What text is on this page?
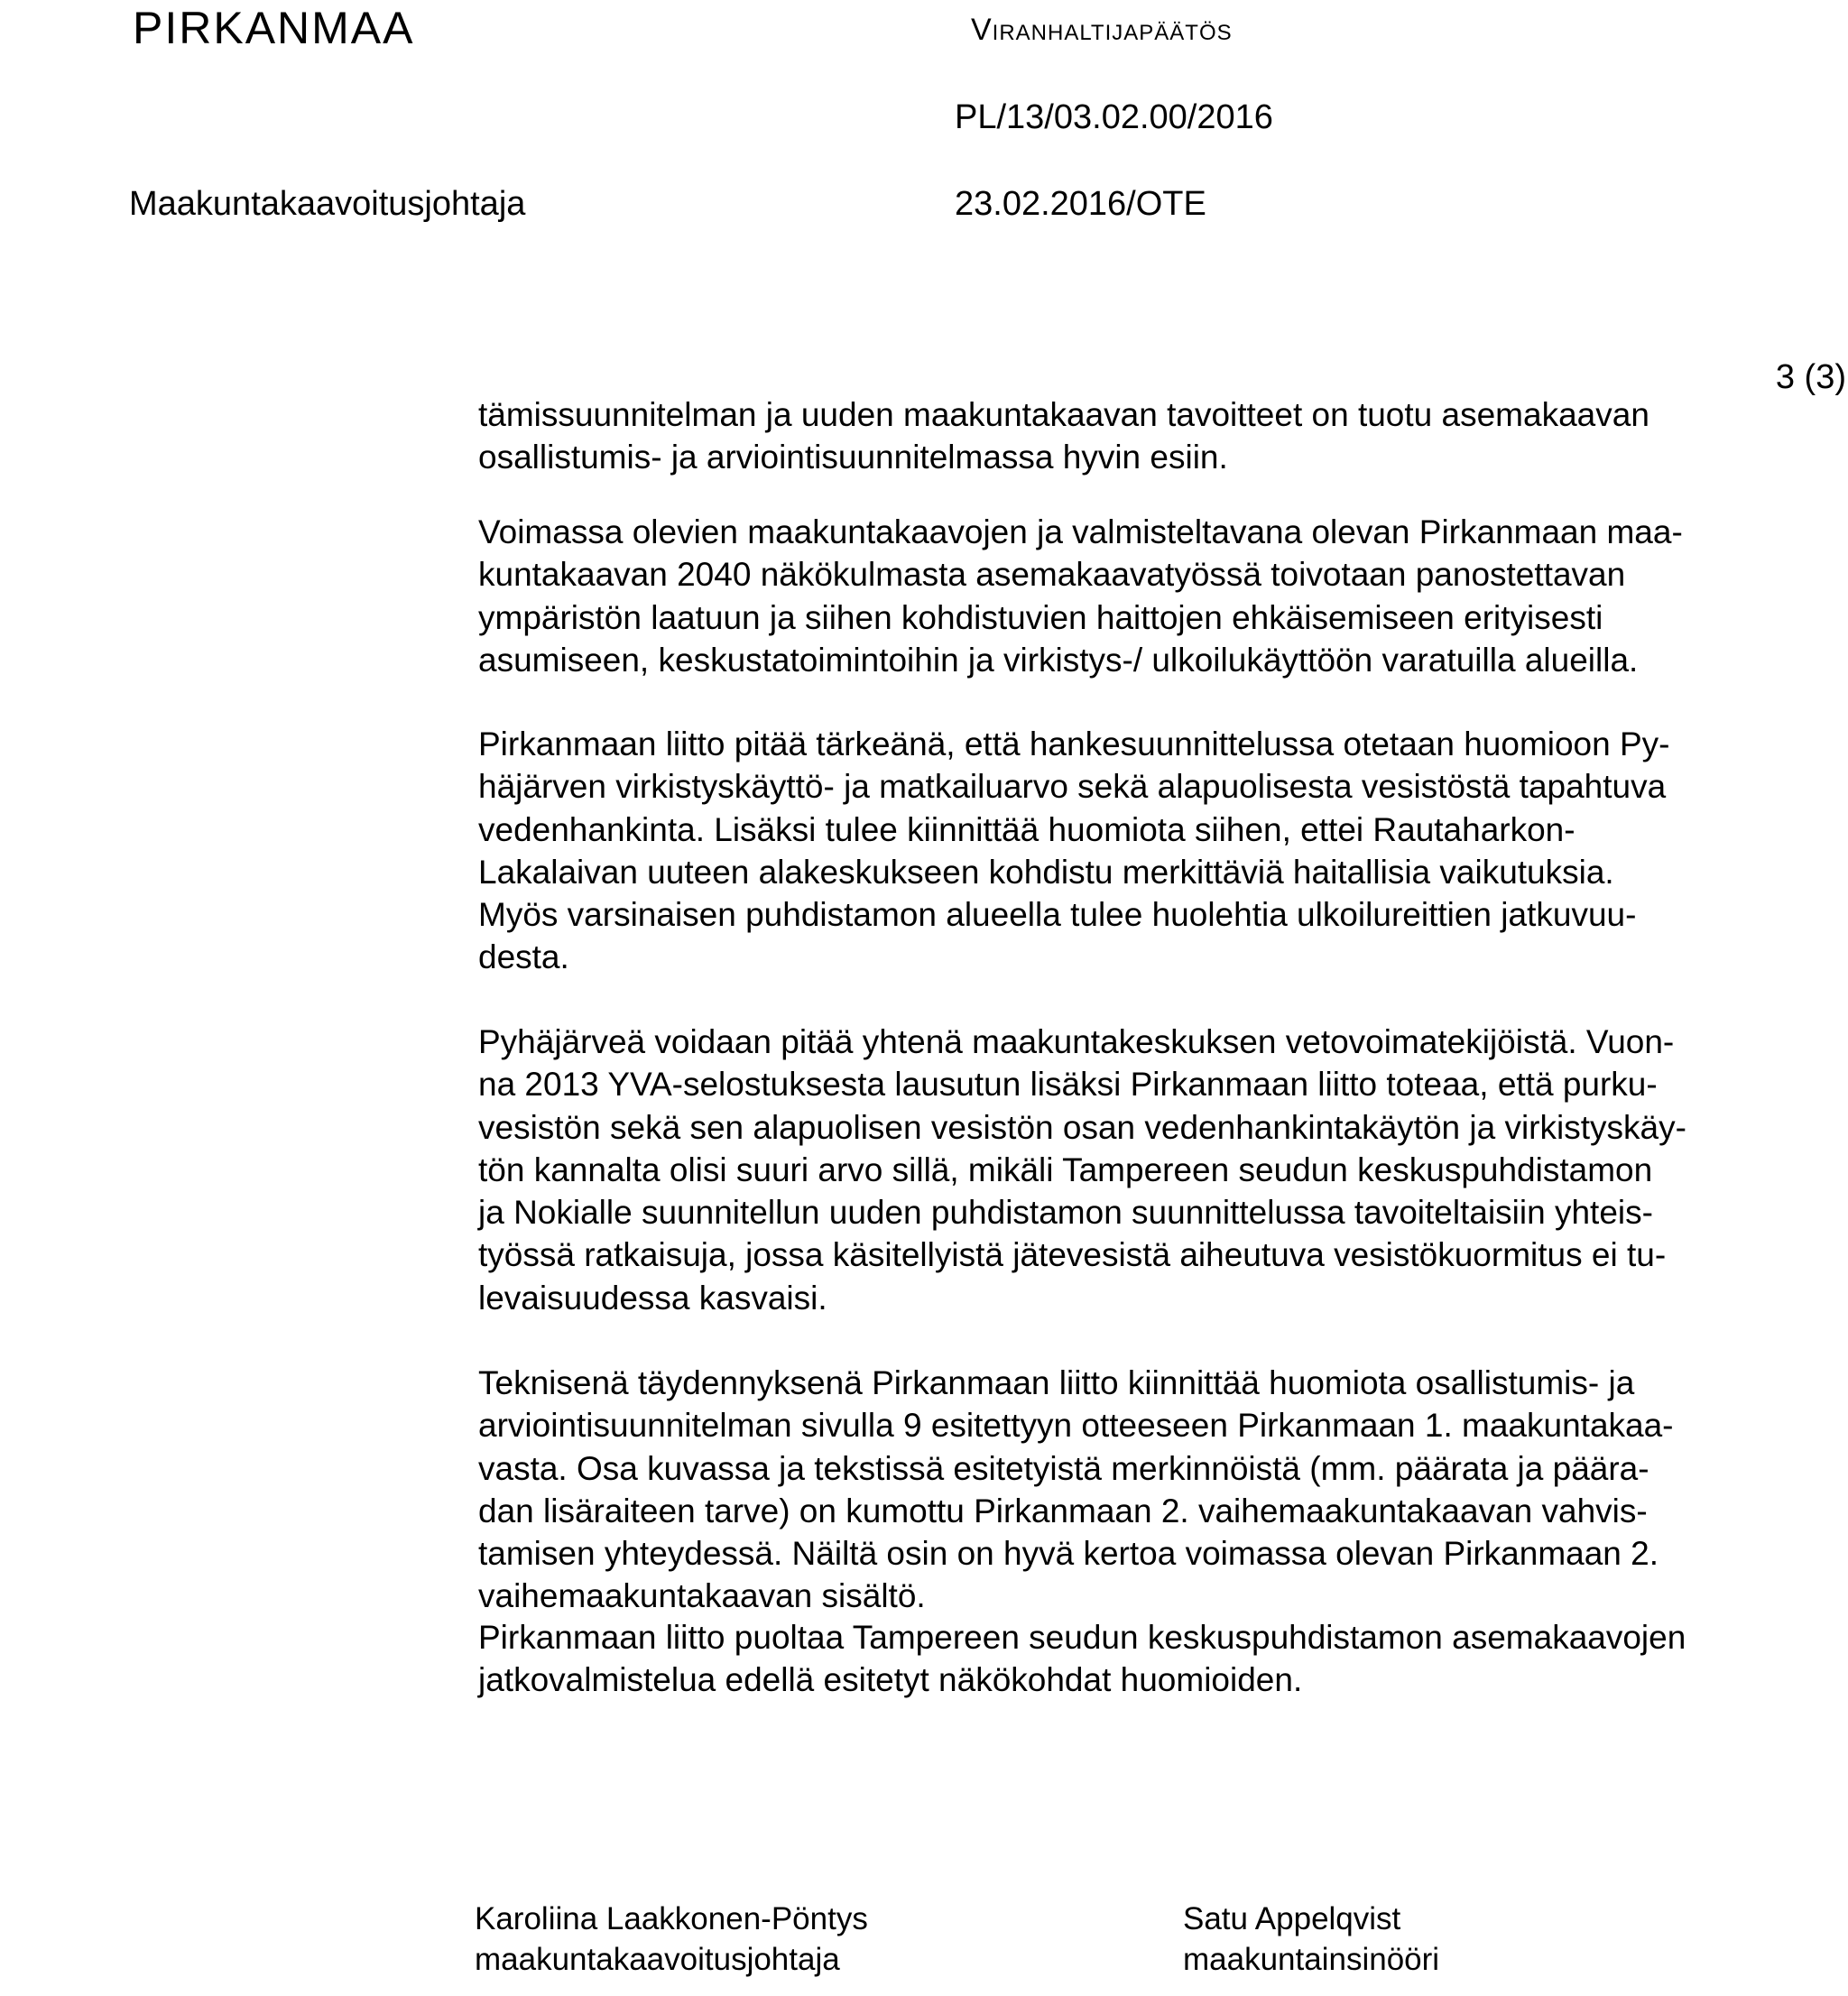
PIRKANMAA	Viranhaltijapäätös
PL/13/03.02.00/2016
Maakuntakaavoitusjohtaja	23.02.2016/OTE
3 (3)
tämissuunnitelman ja uuden maakuntakaavan tavoitteet on tuotu asemakaavan
osallistumis- ja arviointisuunnitelmassa hyvin esiin.
Voimassa olevien maakuntakaavojen ja valmisteltavana olevan Pirkanmaan maa-
kuntakaavan 2040 näkökulmasta asemakaavatyössä toivotaan panostettavan
ympäristön laatuun ja siihen kohdistuvien haittojen ehkäisemiseen erityisesti
asumiseen, keskustatoimintoihin ja virkistys-/ ulkoilukäyttöön varatuilla alueilla.
Pirkanmaan liitto pitää tärkeänä, että hankesuunnittelussa otetaan huomioon Py-
häjärven virkistyskäyttö- ja matkailuarvo sekä alapuolisesta vesistöstä tapahtuva
vedenhankinta. Lisäksi tulee kiinnittää huomiota siihen, ettei Rautaharkon-
Lakalaivan uuteen alakeskukseen kohdistu merkittäviä haitallisia vaikutuksia.
Myös varsinaisen puhdistamon alueella tulee huolehtia ulkoilureittien jatkuvuu-
desta.
Pyhäjärveä voidaan pitää yhtenä maakuntakeskuksen vetovoimatekijöistä. Vuon-
na 2013 YVA-selostuksesta lausutun lisäksi Pirkanmaan liitto toteaa, että purku-
vesistön sekä sen alapuolisen vesistön osan vedenhankintakäytön ja virkistyskäy-
tön kannalta olisi suuri arvo sillä, mikäli Tampereen seudun keskuspuhdistamon
ja Nokialle suunnitellun uuden puhdistamon suunnittelussa tavoiteltaisiin yhteis-
työssä ratkaisuja, jossa käsitellyistä jätevesistä aiheutuva vesistökuormitus ei tu-
levaisuudessa kasvaisi.
Teknisenä täydennyksenä Pirkanmaan liitto kiinnittää huomiota osallistumis- ja
arviointisuunnitelman sivulla 9 esitettyyn otteeseen Pirkanmaan 1. maakuntakaa-
vasta. Osa kuvassa ja tekstissä esitetyistä merkinnöistä (mm. päärata ja päära-
dan lisäraiteen tarve) on kumottu Pirkanmaan 2. vaihemaakuntakaavan vahvis-
tamisen yhteydessä. Näiltä osin on hyvä kertoa voimassa olevan Pirkanmaan 2.
vaihemaakuntakaavan sisältö.
Pirkanmaan liitto puoltaa Tampereen seudun keskuspuhdistamon asemakaavojen
jatkovalmistelua edellä esitetyt näkökohdat huomioiden.
Karoliina Laakkonen-Pöntys
maakuntakaavoitusjohtaja
Satu Appelqvist
maakuntainsinööri
